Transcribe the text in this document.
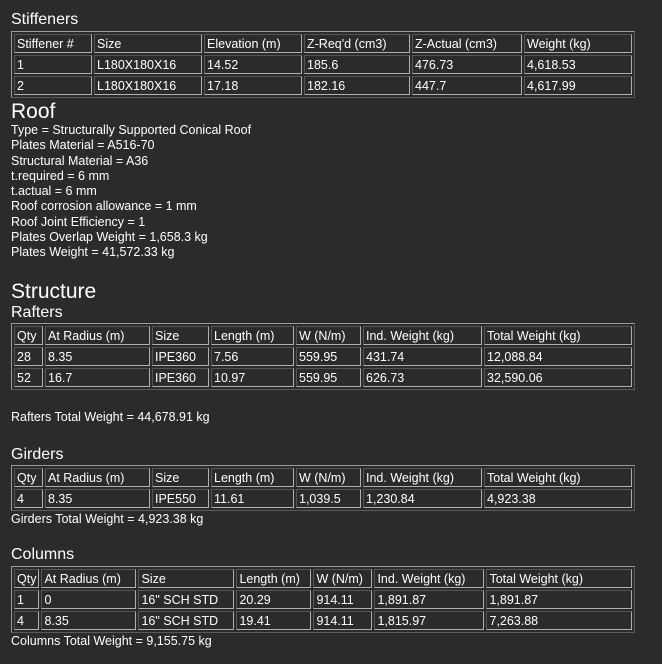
Stiffeners
Stiffener #	Size	Elevation (m)	Z-Req'd (cm3)	Z-Actual (cm3)	Weight (kg)
1	L180X180X16	14.52	185.6	476.73	4,618.53
2	L180X180X16	17.18	182.16	447.7	4,617.99
Roof
Type = Structurally Supported Conical Roof
Plates Material = A516-70
Structural Material = A36
t.required = 6 mm
t.actual = 6 mm
Roof corrosion allowance = 1 mm
Roof Joint Efficiency = 1
Plates Overlap Weight = 1,658.3 kg
Plates Weight = 41,572.33 kg
Structure
Rafters
Qty	At Radius (m)	Size	Length (m)	W (N/m)	Ind. Weight (kg)	Total Weight (kg)
28	8.35	IPE360	7.56	559.95	431.74	12,088.84
52	16.7	IPE360	10.97	559.95	626.73	32,590.06
Rafters Total Weight = 44,678.91 kg
Girders
Qty	At Radius (m)	Size	Length (m)	W (N/m)	Ind. Weight (kg)	Total Weight (kg)
4	8.35	IPE550	11.61	1,039.5	1,230.84	4,923.38
Girders Total Weight = 4,923.38 kg
Columns
Qty	At Radius (m)	Size	Length (m)	W (N/m)	Ind. Weight (kg)	Total Weight (kg)
1	0	16" SCH STD	20.29	914.11	1,891.87	1,891.87
4	8.35	16" SCH STD	19.41	914.11	1,815.97	7,263.88
Columns Total Weight = 9,155.75 kg
